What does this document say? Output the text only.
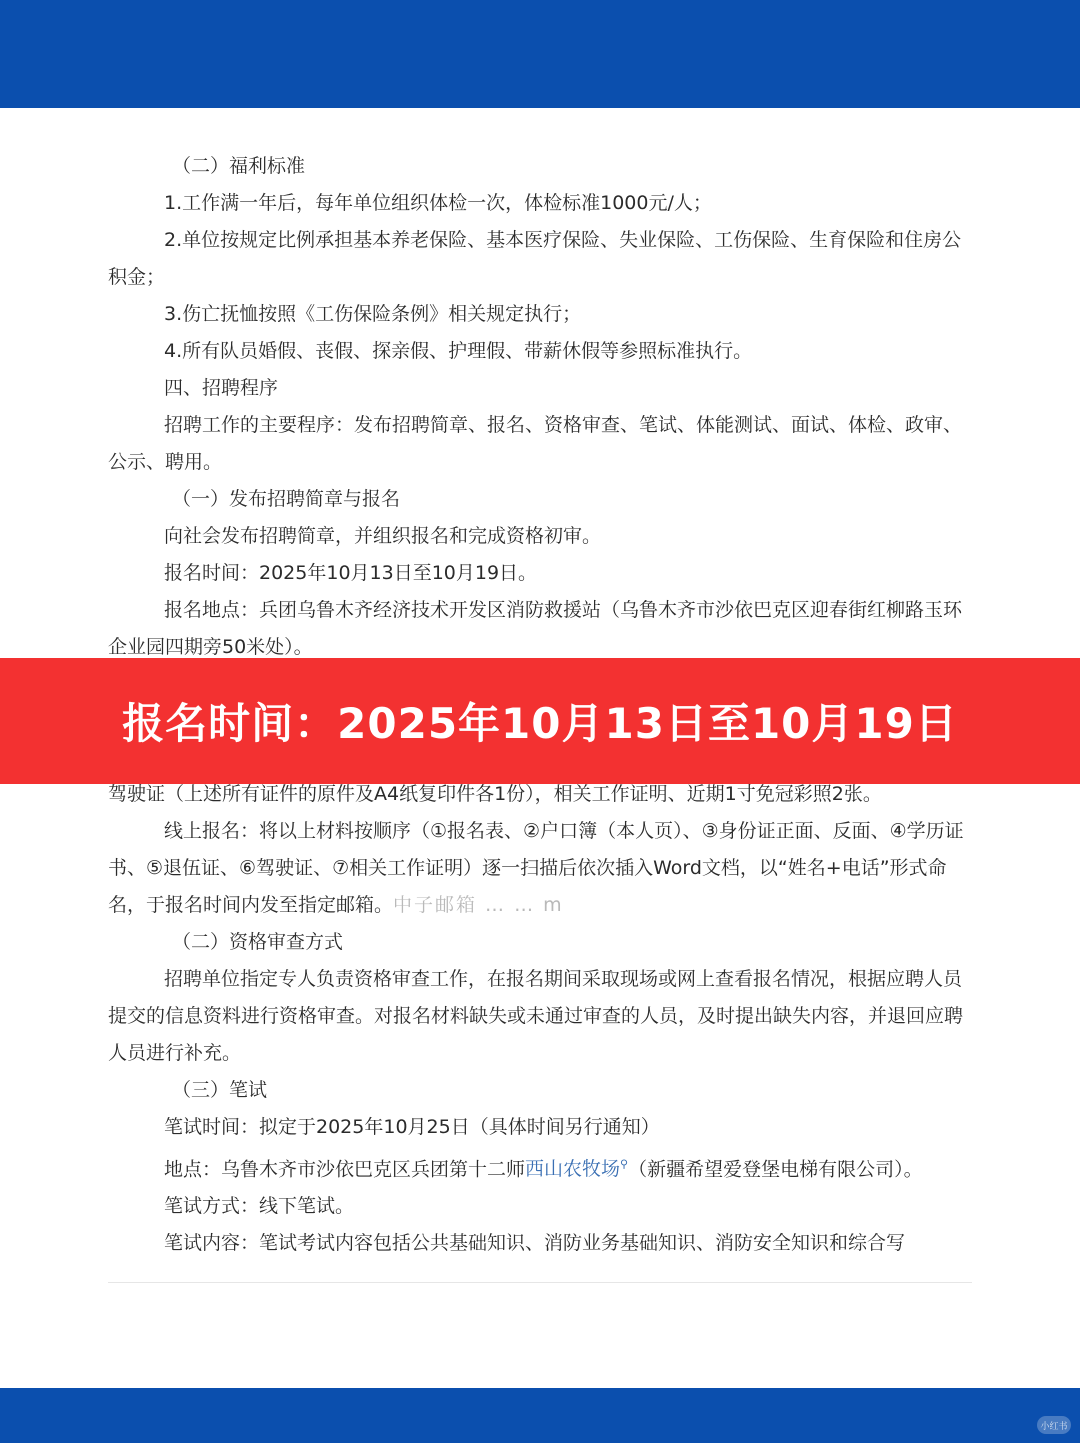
（二）福利标准

1.工作满一年后，每年单位组织体检一次，体检标准1000元/人；

2.单位按规定比例承担基本养老保险、基本医疗保险、失业保险、工伤保险、生育保险和住房公积金；

3.伤亡抚恤按照《工伤保险条例》相关规定执行；

4.所有队员婚假、丧假、探亲假、护理假、带薪休假等参照标准执行。

四、招聘程序

招聘工作的主要程序：发布招聘简章、报名、资格审查、笔试、体能测试、面试、体检、政审、公示、聘用。

（一）发布招聘简章与报名

向社会发布招聘简章，并组织报名和完成资格初审。

报名时间：2025年10月13日至10月19日。

报名地点：兵团乌鲁木齐经济技术开发区消防救援站（乌鲁木齐市沙依巴克区迎春街红柳路玉环企业园四期旁50米处）。

报名时间：2025年10月13日至10月19日

驾驶证（上述所有证件的原件及A4纸复印件各1份），相关工作证明、近期1寸免冠彩照2张。

线上报名：将以上材料按顺序（①报名表、②户口簿（本人页）、③身份证正面、反面、④学历证书、⑤退伍证、⑥驾驶证、⑦相关工作证明）逐一扫描后依次插入Word文档，以“姓名+电话”形式命名，于报名时间内发至指定邮箱。中子邮箱 … … m

（二）资格审查方式

招聘单位指定专人负责资格审查工作，在报名期间采取现场或网上查看报名情况，根据应聘人员提交的信息资料进行资格审查。对报名材料缺失或未通过审查的人员，及时提出缺失内容，并退回应聘人员进行补充。

（三）笔试

笔试时间：拟定于2025年10月25日（具体时间另行通知）

地点：乌鲁木齐市沙依巴克区兵团第十二师西山农牧场⚲（新疆希望爱登堡电梯有限公司）。

笔试方式：线下笔试。

笔试内容：笔试考试内容包括公共基础知识、消防业务基础知识、消防安全知识和综合写

小红书
